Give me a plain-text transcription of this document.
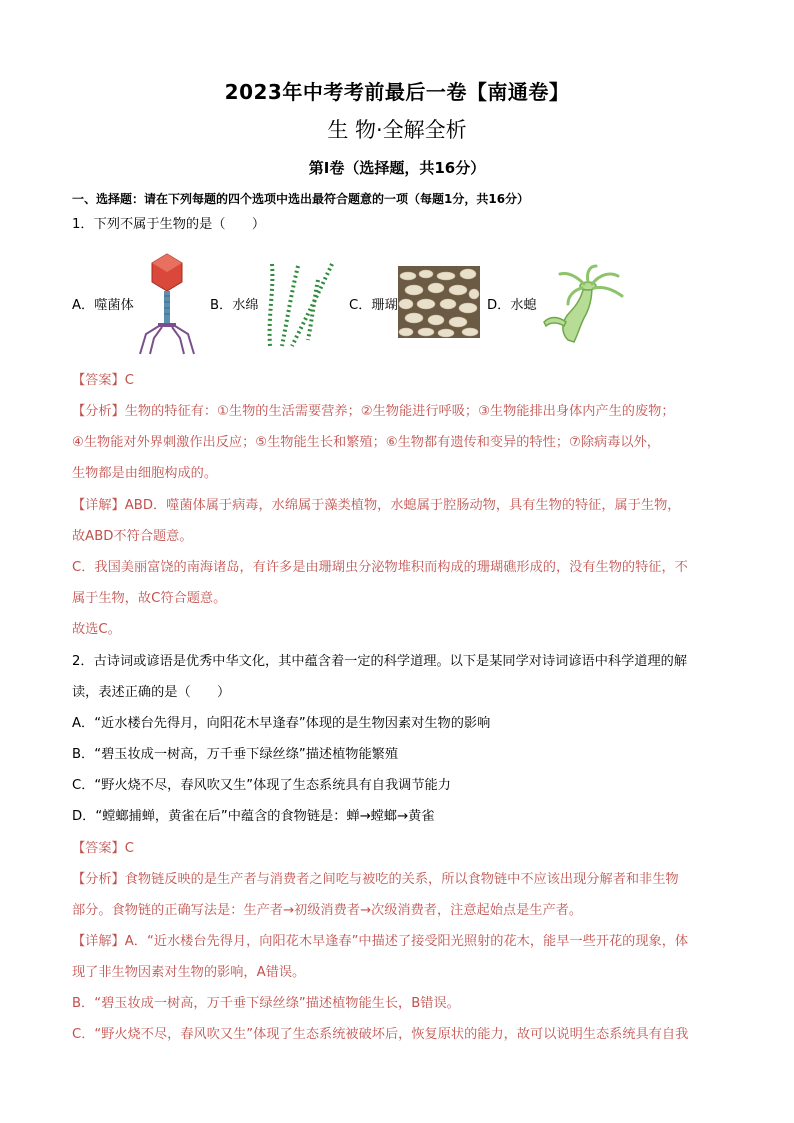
2023年中考考前最后一卷【南通卷】
生 物·全解全析
第Ⅰ卷（选择题，共16分）
一、选择题：请在下列每题的四个选项中选出最符合题意的一项（每题1分，共16分）
1．下列不属于生物的是（　　）
A．噬菌体	B．水绵	C．珊瑚	D．水螅
【答案】C
【分析】生物的特征有：①生物的生活需要营养；②生物能进行呼吸；③生物能排出身体内产生的废物；
④生物能对外界刺激作出反应；⑤生物能生长和繁殖；⑥生物都有遗传和变异的特性；⑦除病毒以外，
生物都是由细胞构成的。
【详解】ABD．噬菌体属于病毒，水绵属于藻类植物，水螅属于腔肠动物，具有生物的特征，属于生物，
故ABD不符合题意。
C．我国美丽富饶的南海诸岛，有许多是由珊瑚虫分泌物堆积而构成的珊瑚礁形成的，没有生物的特征，不
属于生物，故C符合题意。
故选C。
2．古诗词或谚语是优秀中华文化，其中蕴含着一定的科学道理。以下是某同学对诗词谚语中科学道理的解
读，表述正确的是（　　）
A．“近水楼台先得月，向阳花木早逢春”体现的是生物因素对生物的影响
B．“碧玉妆成一树高，万千垂下绿丝绦”描述植物能繁殖
C．“野火烧不尽，春风吹又生”体现了生态系统具有自我调节能力
D．“螳螂捕蝉，黄雀在后”中蕴含的食物链是：蝉→螳螂→黄雀
【答案】C
【分析】食物链反映的是生产者与消费者之间吃与被吃的关系，所以食物链中不应该出现分解者和非生物
部分。食物链的正确写法是：生产者→初级消费者→次级消费者，注意起始点是生产者。
【详解】A．“近水楼台先得月，向阳花木早逢春”中描述了接受阳光照射的花木，能早一些开花的现象，体
现了非生物因素对生物的影响，A错误。
B．“碧玉妆成一树高，万千垂下绿丝绦”描述植物能生长，B错误。
C．“野火烧不尽，春风吹又生”体现了生态系统被破坏后，恢复原状的能力，故可以说明生态系统具有自我
